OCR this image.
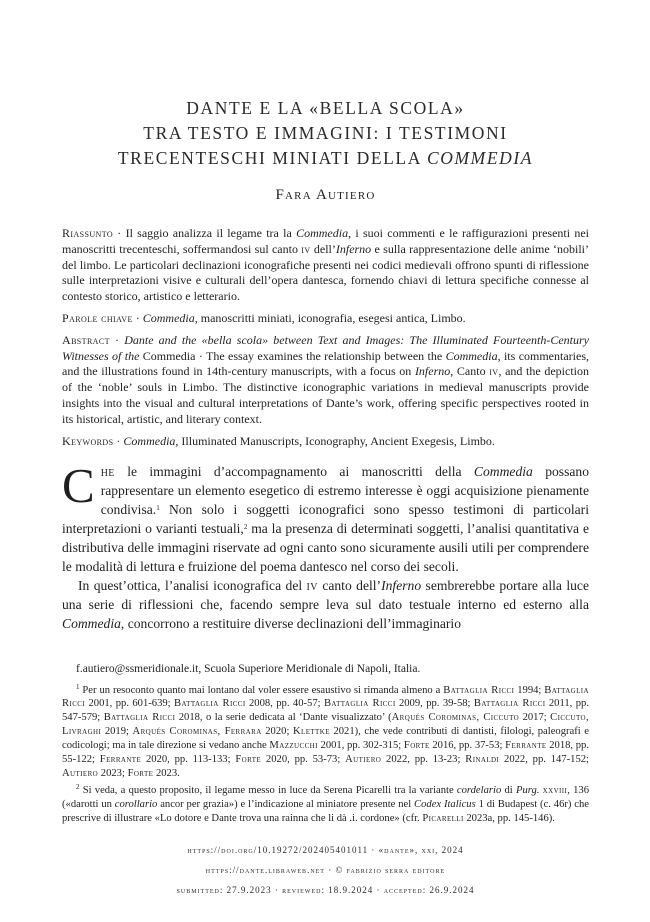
DANTE E LA «BELLA SCOLA»
TRA TESTO E IMMAGINI: I TESTIMONI
TRECENTESCHI MINIATI DELLA COMMEDIA
Fara Autiero

Riassunto · Il saggio analizza il legame tra la Commedia, i suoi commenti e le raffigurazioni presenti nei manoscritti trecenteschi, soffermandosi sul canto iv dell’Inferno e sulla rappresentazione delle anime ‘nobili’ del limbo. Le particolari declinazioni iconografiche presenti nei codici medievali offrono spunti di riflessione sulle interpretazioni visive e culturali dell’opera dantesca, fornendo chiavi di lettura specifiche connesse al contesto storico, artistico e letterario.

Parole chiave · Commedia, manoscritti miniati, iconografia, esegesi antica, Limbo.

Abstract · Dante and the «bella scola» between Text and Images: The Illuminated Fourteenth-Century Witnesses of the Commedia · The essay examines the relationship between the Commedia, its commentaries, and the illustrations found in 14th-century manuscripts, with a focus on Inferno, Canto iv, and the depiction of the ‘noble’ souls in Limbo. The distinctive iconographic variations in medieval manuscripts provide insights into the visual and cultural interpretations of Dante’s work, offering specific perspectives rooted in its historical, artistic, and literary context.

Keywords · Commedia, Illuminated Manuscripts, Iconography, Ancient Exegesis, Limbo.

Che le immagini d’accompagnamento ai manoscritti della Commedia possano rappresentare un elemento esegetico di estremo interesse è oggi acquisizione pienamente condivisa.$^1$ Non solo i soggetti iconografici sono spesso testimoni di particolari interpretazioni o varianti testuali,$^2$ ma la presenza di determinati soggetti, l’analisi quantitativa e distributiva delle immagini riservate ad ogni canto sono sicuramente ausili utili per comprendere le modalità di lettura e fruizione del poema dantesco nel corso dei secoli.

In quest’ottica, l’analisi iconografica del iv canto dell’Inferno sembrerebbe portare alla luce una serie di riflessioni che, facendo sempre leva sul dato testuale interno ed esterno alla Commedia, concorrono a restituire diverse declinazioni dell’immaginario

f.autiero@ssmeridionale.it, Scuola Superiore Meridionale di Napoli, Italia.

$^1$ Per un resoconto quanto mai lontano dal voler essere esaustivo si rimanda almeno a Battaglia Ricci 1994; Battaglia Ricci 2001, pp. 601-639; Battaglia Ricci 2008, pp. 40-57; Battaglia Ricci 2009, pp. 39-58; Battaglia Ricci 2011, pp. 547-579; Battaglia Ricci 2018, o la serie dedicata al ‘Dante visualizzato’ (Arqués Corominas, Ciccuto 2017; Ciccuto, Livraghi 2019; Arqués Corominas, Ferrara 2020; Klettke 2021), che vede contributi di dantisti, filologi, paleografi e codicologi; ma in tale direzione si vedano anche Mazzucchi 2001, pp. 302-315; Forte 2016, pp. 37-53; Ferrante 2018, pp. 55-122; Ferrante 2020, pp. 113-133; Forte 2020, pp. 53-73; Autiero 2022, pp. 13-23; Rinaldi 2022, pp. 147-152; Autiero 2023; Forte 2023.

$^2$ Si veda, a questo proposito, il legame messo in luce da Serena Picarelli tra la variante cordelario di Purg. xxviii, 136 («darotti un corollario ancor per grazia») e l’indicazione al miniatore presente nel Codex Italicus 1 di Budapest (c. 46r) che prescrive di illustrare «Lo dotore e Dante trova una rainna che li dà .i. cordone» (cfr. Picarelli 2023a, pp. 145-146).

https://doi.org/10.19272/202405401011 · «dante», xxi, 2024
https://dante.libraweb.net · © fabrizio serra editore
submitted: 27.9.2023 · reviewed: 18.9.2024 · accepted: 26.9.2024
